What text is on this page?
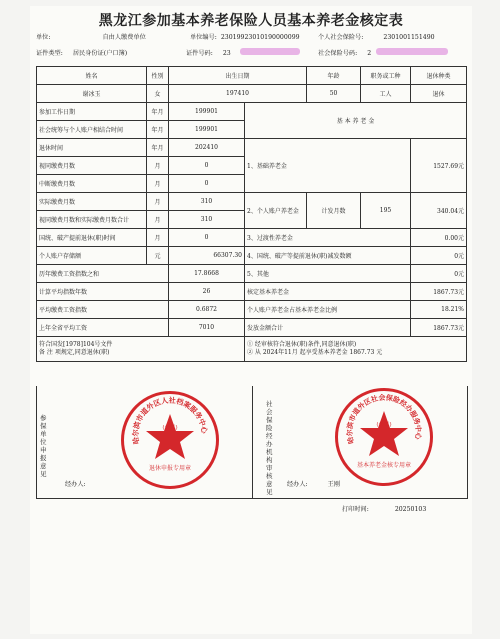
黑龙江参加基本养老保险人员基本养老金核定表
单位:	自由人缴费单位	单位编号: 23019923010190000099	个人社会保险号:	2301001151490
证件类型: 居民身份证(户口簿)	证件号码: 23	社会保险号码: 2
姓名	性别	出生日期		年龄	职务或工种	退休种类
谢冰玉	女	197410		50	工人	退休
参加工作日期	年月	199901	基 本 养 老 金			
社会统筹与个人账户相结合时间	年月	199901				
退休时间	年月	202410	1、基础养老金			1527.69元
视同缴费月数	月	0				
中断缴费月数	月	0				
实际缴费月数	月	310	2、个人账户养老金	计发月数	195	340.04元
视同缴费月数和实际缴费月数合计	月	310				
国统、破产提前退休(职)时间	月	0	3、过渡性养老金			0.00元
个人账户存储额	元	66307.30	4、国统、破产等提前退休(职)减发数额			0元
历年缴费工资指数之和		17.8668	5、其他			0元
计算平均指数年数		26	核定基本养老金			1867.73元
平均缴费工资指数		0.6872	个人账户养老金占基本养老金比例			18.21%
上年全省平均工资		7010	发放金额合计			1867.73元
符合国发[1978]104号文件
备 注 项规定,同意退休(职)			① 经审核符合退休(职)条件,同意退休(职)
② 从 2024年11月 起享受基本养老金 1867.73 元			
参保单位申报意见
社会保险经办机构审核意见
哈尔滨市道外区人社档案服务中心
(公章)
退休申报专用章
哈尔滨市道外区社会保险经办服务中心
(公章)
基本养老金核专用章
经办人:	经办人:	王刚
打印时间:	20250103
